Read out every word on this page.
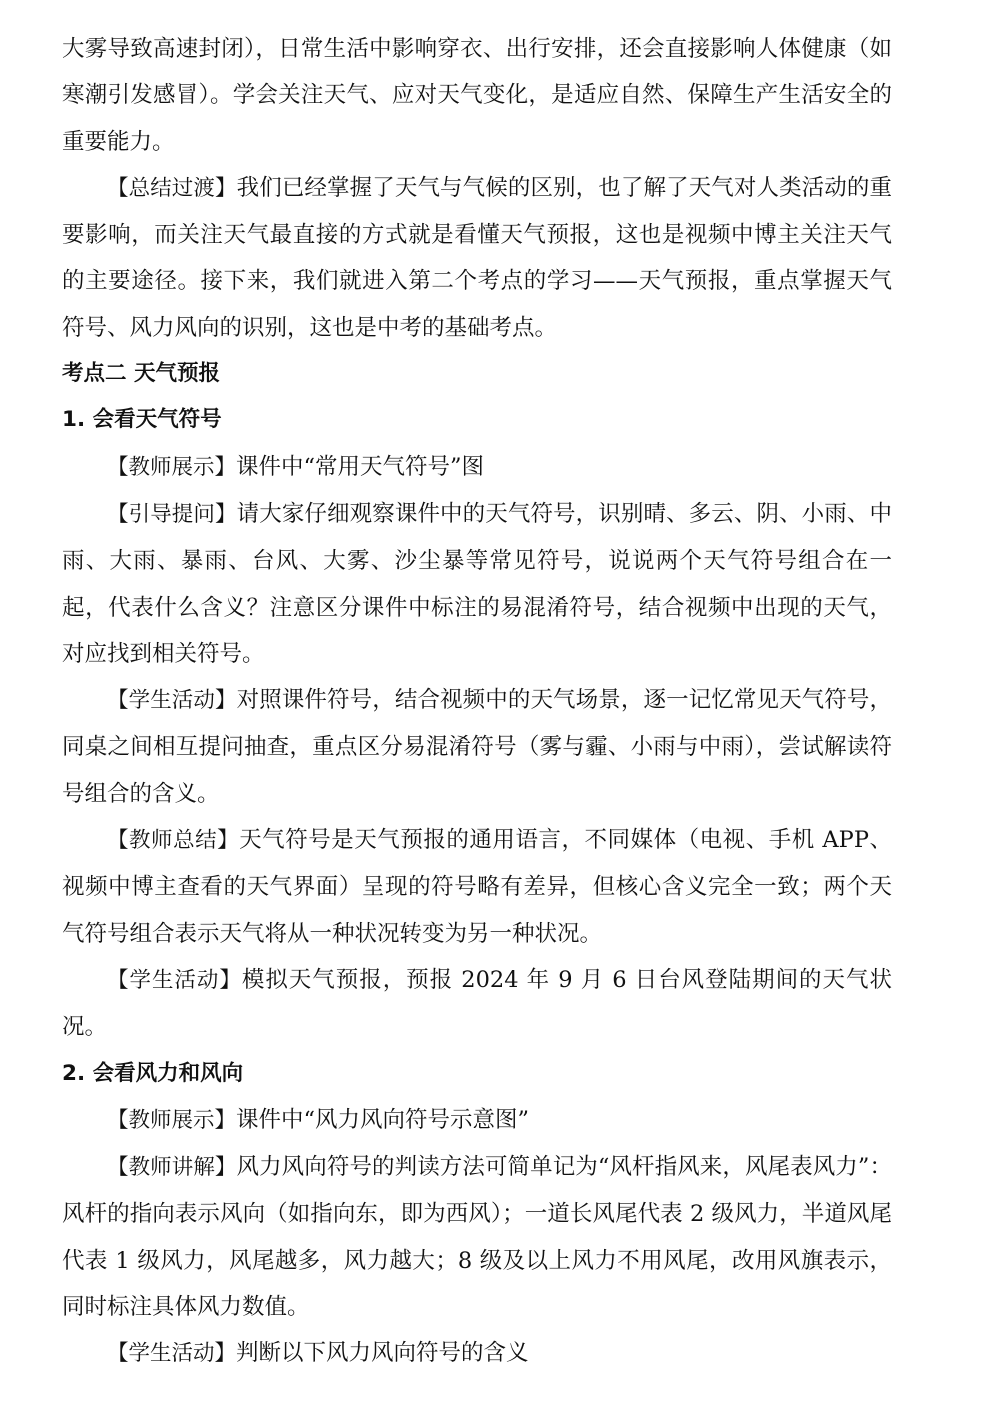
大雾导致高速封闭），日常生活中影响穿衣、出行安排，还会直接影响人体健康（如寒潮引发感冒）。学会关注天气、应对天气变化，是适应自然、保障生产生活安全的重要能力。

【总结过渡】我们已经掌握了天气与气候的区别，也了解了天气对人类活动的重要影响，而关注天气最直接的方式就是看懂天气预报，这也是视频中博主关注天气的主要途径。接下来，我们就进入第二个考点的学习——天气预报，重点掌握天气符号、风力风向的识别，这也是中考的基础考点。

考点二 天气预报

1. 会看天气符号

【教师展示】课件中“常用天气符号”图

【引导提问】请大家仔细观察课件中的天气符号，识别晴、多云、阴、小雨、中雨、大雨、暴雨、台风、大雾、沙尘暴等常见符号，说说两个天气符号组合在一起，代表什么含义？注意区分课件中标注的易混淆符号，结合视频中出现的天气，对应找到相关符号。

【学生活动】对照课件符号，结合视频中的天气场景，逐一记忆常见天气符号，同桌之间相互提问抽查，重点区分易混淆符号（雾与霾、小雨与中雨），尝试解读符号组合的含义。

【教师总结】天气符号是天气预报的通用语言，不同媒体（电视、手机 APP、视频中博主查看的天气界面）呈现的符号略有差异，但核心含义完全一致；两个天气符号组合表示天气将从一种状况转变为另一种状况。

【学生活动】模拟天气预报，预报 2024 年 9 月 6 日台风登陆期间的天气状况。

2. 会看风力和风向

【教师展示】课件中“风力风向符号示意图”

【教师讲解】风力风向符号的判读方法可简单记为“风杆指风来，风尾表风力”：风杆的指向表示风向（如指向东，即为西风）；一道长风尾代表 2 级风力，半道风尾代表 1 级风力，风尾越多，风力越大；8 级及以上风力不用风尾，改用风旗表示，同时标注具体风力数值。

【学生活动】判断以下风力风向符号的含义
